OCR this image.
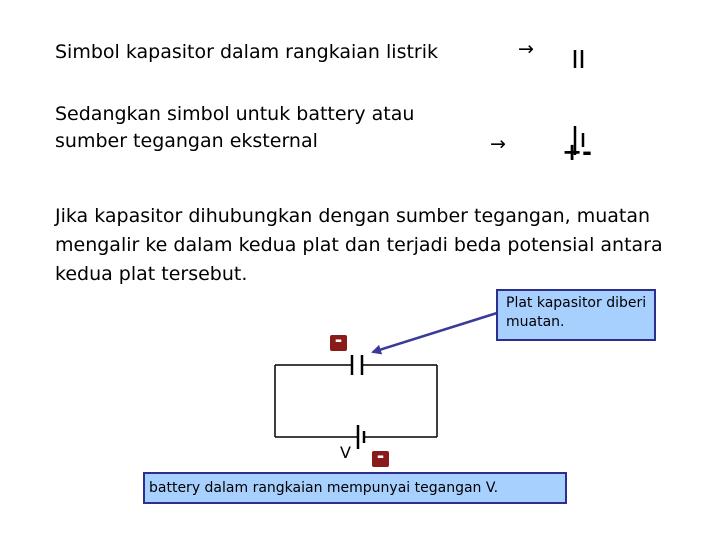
Simbol kapasitor dalam rangkaian listrik	→
Sedangkan simbol untuk battery atau sumber tegangan eksternal	→
Jika kapasitor dihubungkan dengan sumber tegangan, muatan mengalir ke dalam kedua plat dan terjadi beda potensial antara kedua plat tersebut.
+ -
Plat kapasitor diberi muatan.
-
-
V
battery dalam rangkaian mempunyai tegangan V.
